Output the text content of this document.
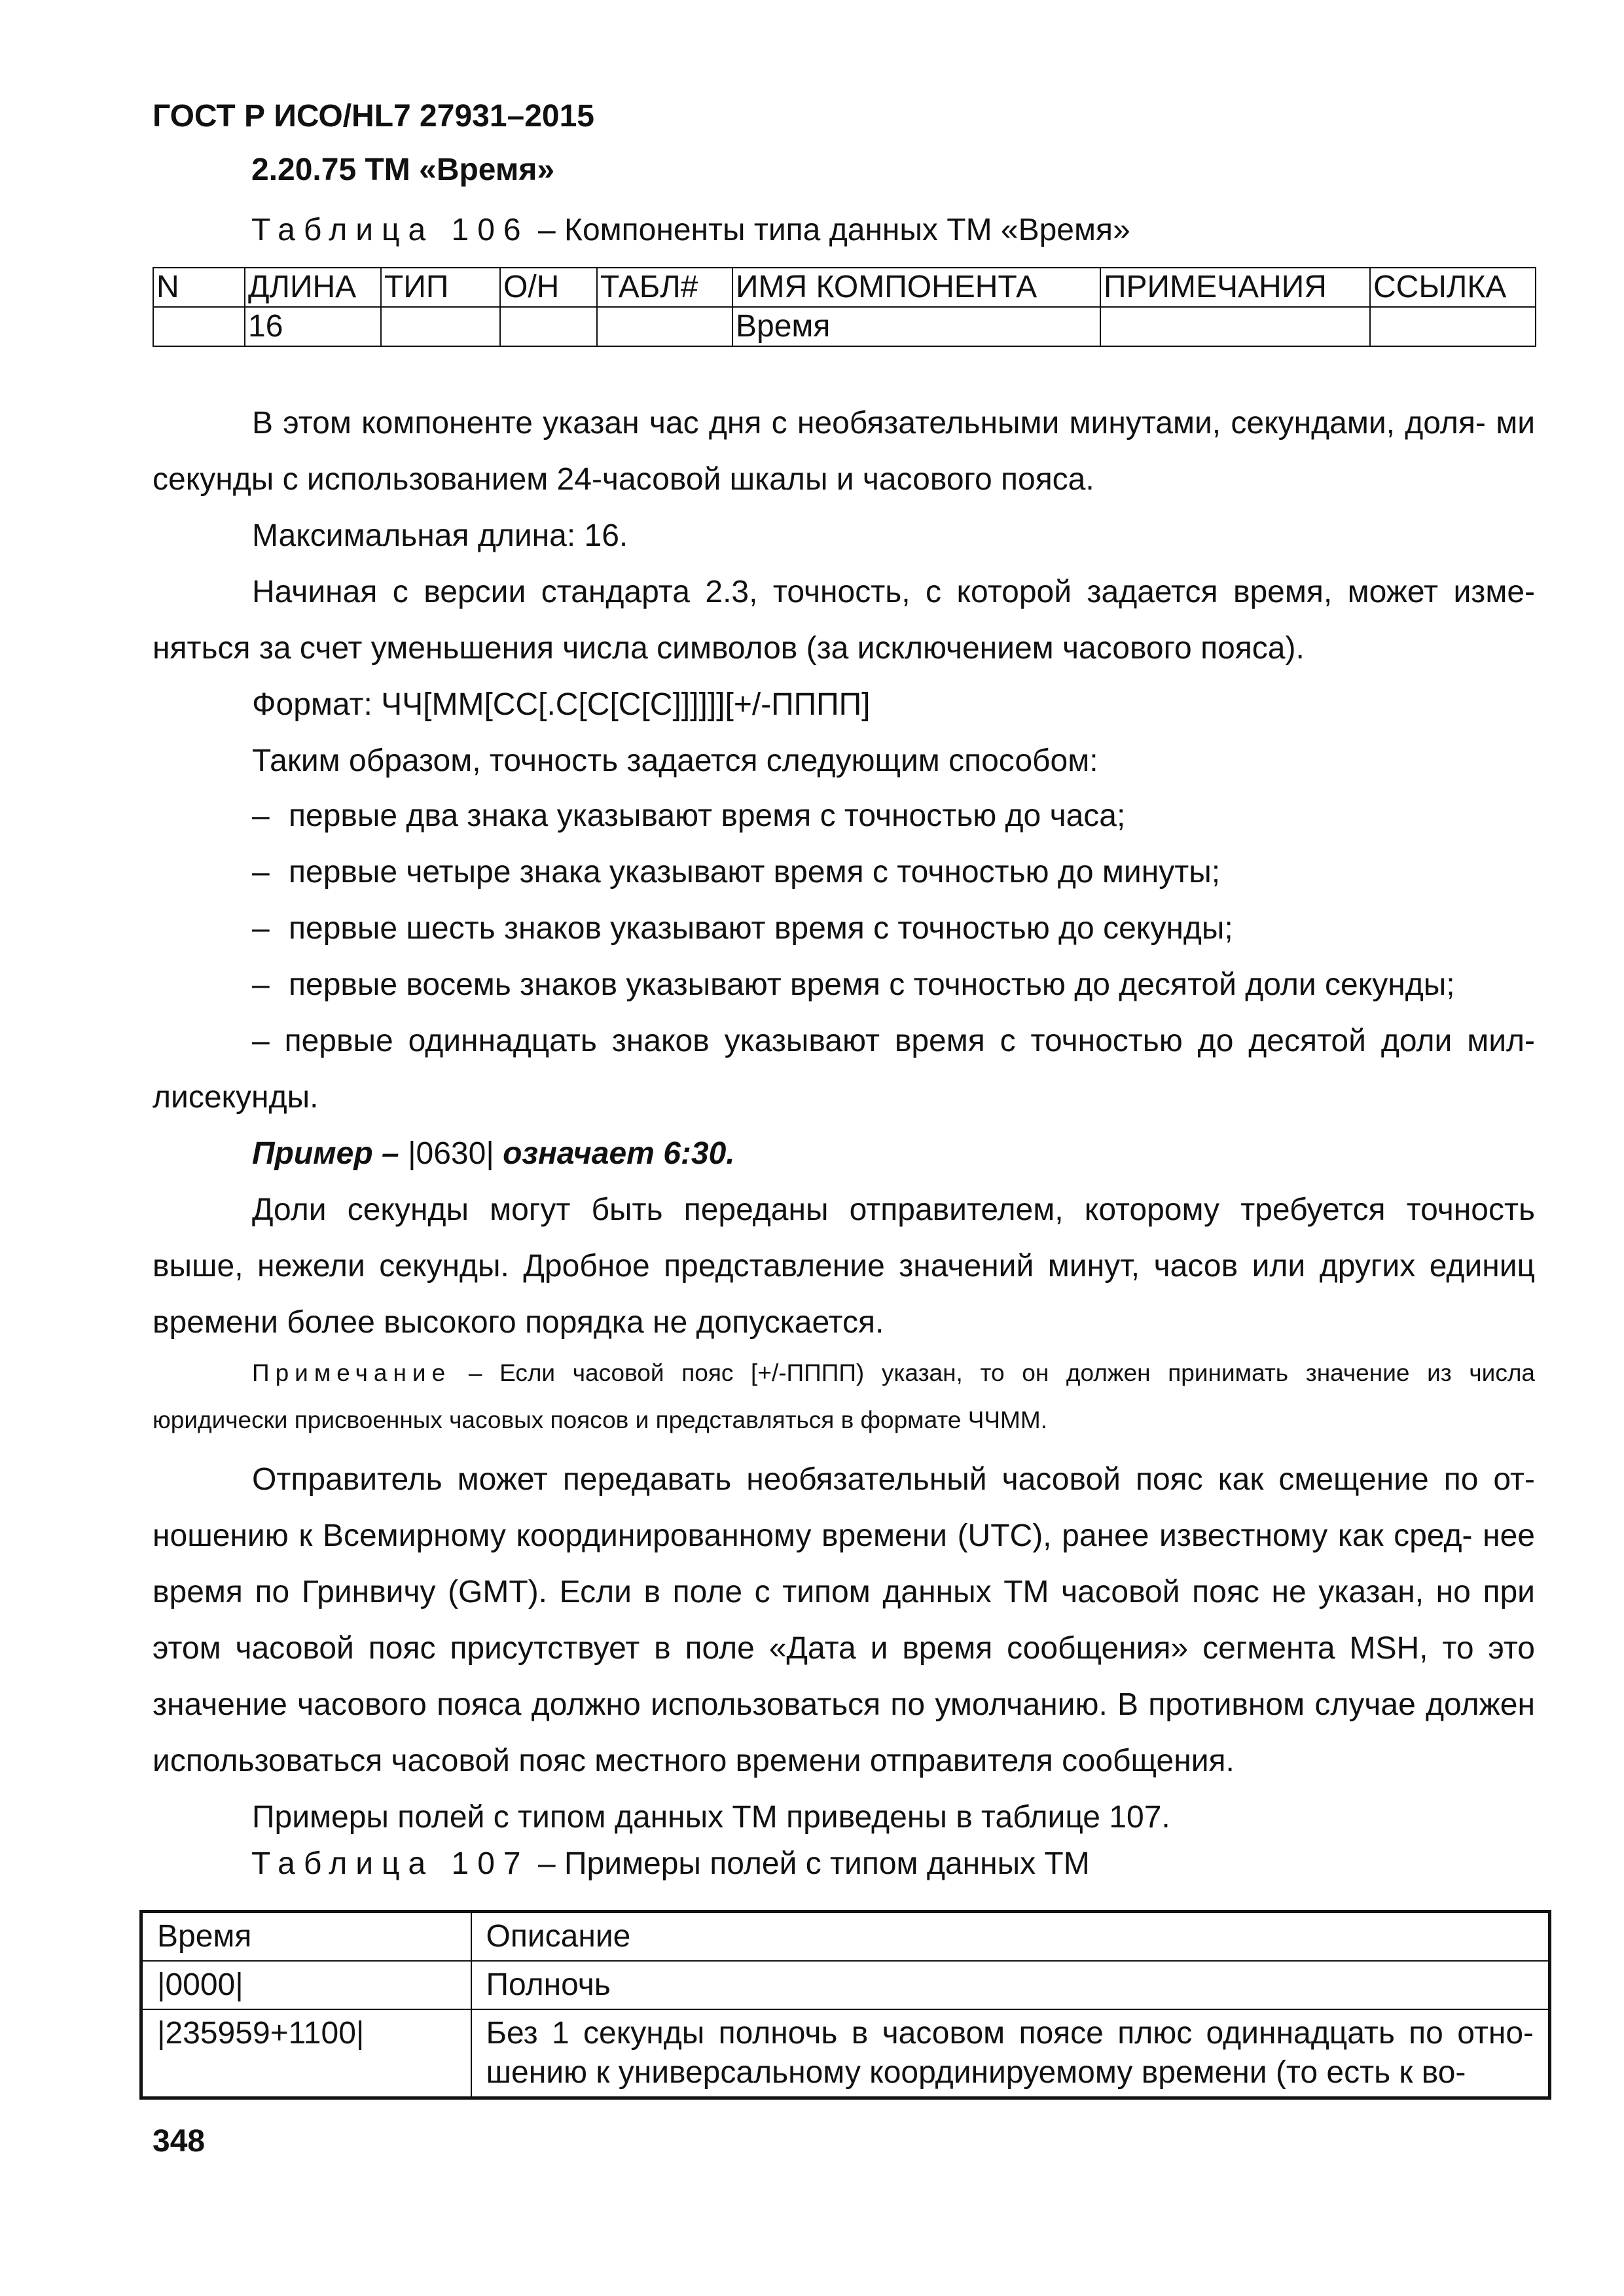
ГОСТ Р ИСО/HL7 27931–2015
2.20.75 TM «Время»
Таблица 106 – Компоненты типа данных ТМ «Время»
N	ДЛИНА	ТИП	О/Н	ТАБЛ#	ИМЯ КОМПОНЕНТА	ПРИМЕЧАНИЯ	ССЫЛКА
	16				Время		

В этом компоненте указан час дня с необязательными минутами, секундами, доля- ми секунды с использованием 24-часовой шкалы и часового пояса.

Максимальная длина: 16.

Начиная с версии стандарта 2.3, точность, с которой задается время, может изме- няться за счет уменьшения числа символов (за исключением часового пояса).

Формат: ЧЧ[ММ[СС[.С[С[С[С]]]]]][+/-ПППП]

Таким образом, точность задается следующим способом:

– первые два знака указывают время с точностью до часа;

– первые четыре знака указывают время с точностью до минуты;

– первые шесть знаков указывают время с точностью до секунды;

– первые восемь знаков указывают время с точностью до десятой доли секунды;

– первые одиннадцать знаков указывают время с точностью до десятой доли мил- лисекунды.

Пример – |0630| означает 6:30.

Доли секунды могут быть переданы отправителем, которому требуется точность выше, нежели секунды. Дробное представление значений минут, часов или других единиц времени более высокого порядка не допускается.

Примечание – Если часовой пояс [+/-ПППП) указан, то он должен принимать значение из числа юридически присвоенных часовых поясов и представляться в формате ЧЧММ.

Отправитель может передавать необязательный часовой пояс как смещение по от- ношению к Всемирному координированному времени (UTC), ранее известному как сред- нее время по Гринвичу (GMT). Если в поле с типом данных ТМ часовой пояс не указан, но при этом часовой пояс присутствует в поле «Дата и время сообщения» сегмента MSH, то это значение часового пояса должно использоваться по умолчанию. В противном случае должен использоваться часовой пояс местного времени отправителя сообщения.

Примеры полей с типом данных ТМ приведены в таблице 107.

Таблица 107 – Примеры полей с типом данных ТМ
Время	Описание
|0000|	Полночь
|235959+1100|	Без 1 секунды полночь в часовом поясе плюс одиннадцать по отно- шению к универсальному координируемому времени (то есть к во-
348
